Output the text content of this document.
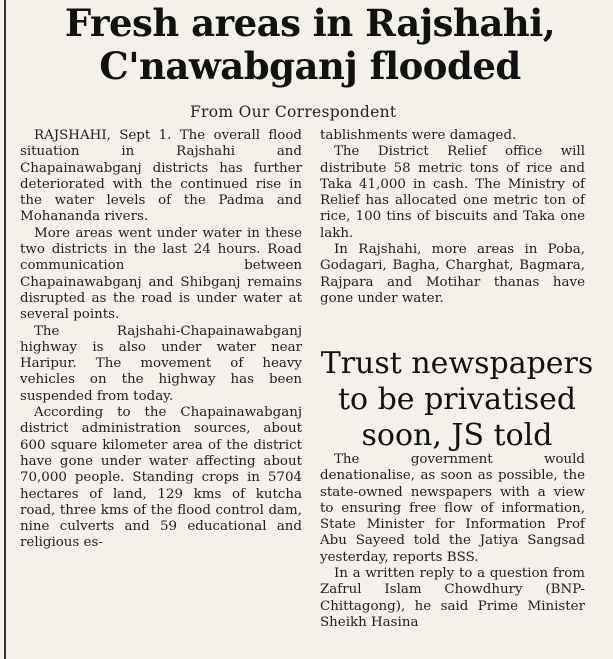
Fresh areas in Rajshahi,
C'nawabganj flooded
From Our Correspondent

RAJSHAHI, Sept 1. The overall flood situation in Rajshahi and Chapainawabganj districts has further deteriorated with the continued rise in the water levels of the Padma and Mohananda rivers.

More areas went under water in these two districts in the last 24 hours. Road communication between Chapainawabganj and Shibganj remains disrupted as the road is under water at several points.

The Rajshahi-Chapainawabganj highway is also under water near Haripur. The movement of heavy vehicles on the highway has been suspended from today.

According to the Chapainawabganj district administration sources, about 600 square kilometer area of the district have gone under water affecting about 70,000 people. Standing crops in 5704 hectares of land, 129 kms of kutcha road, three kms of the flood control dam, nine culverts and 59 educational and religious es-

tablishments were damaged.

The District Relief office will distribute 58 metric tons of rice and Taka 41,000 in cash. The Ministry of Relief has allocated one metric ton of rice, 100 tins of biscuits and Taka one lakh.

In Rajshahi, more areas in Poba, Godagari, Bagha, Charghat, Bagmara, Rajpara and Motihar thanas have gone under water.

Trust newspapers
to be privatised
soon, JS told

The government would denationalise, as soon as possible, the state-owned newspapers with a view to ensuring free flow of information, State Minister for Information Prof Abu Sayeed told the Jatiya Sangsad yesterday, reports BSS.

In a written reply to a question from Zafrul Islam Chowdhury (BNP-Chittagong), he said Prime Minister Sheikh Hasina
